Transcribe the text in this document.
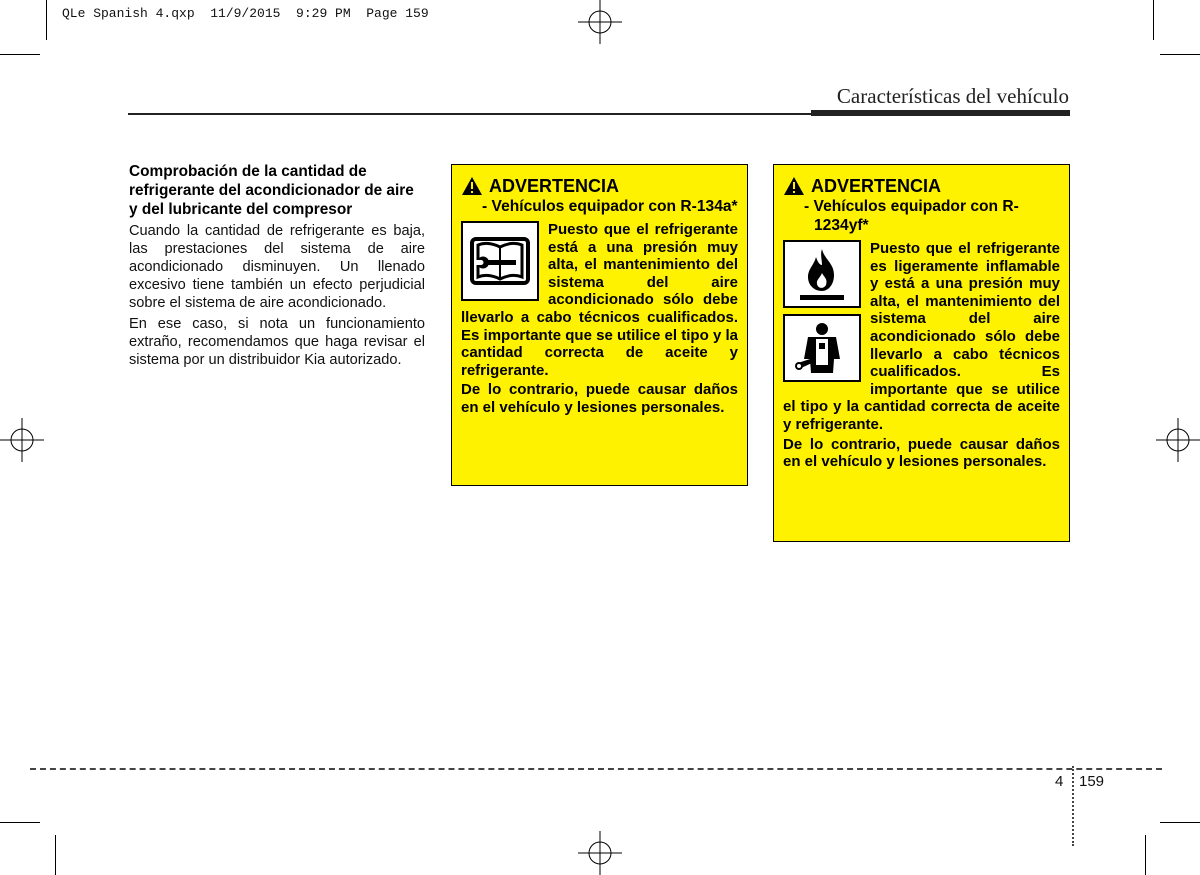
QLe Spanish 4.qxp  11/9/2015  9:29 PM  Page 159
Características del vehículo
Comprobación de la cantidad de refrigerante del acondicionador de aire y del lubricante del compresor

Cuando la cantidad de refrigerante es baja, las prestaciones del sistema de aire acondicionado disminuyen. Un llenado excesivo tiene también un efecto perjudicial sobre el sistema de aire acondicionado.

En ese caso, si nota un funcionamiento extraño, recomendamos que haga revisar el sistema por un distribuidor Kia autorizado.

ADVERTENCIA
- Vehículos equipador con R-134a*

Puesto que el refrigerante está a una presión muy alta, el mantenimiento del sistema del aire acondicionado sólo debe llevarlo a cabo técnicos cualificados. Es importante que se utilice el tipo y la cantidad correcta de aceite y refrigerante.

De lo contrario, puede causar daños en el vehículo y lesiones personales.

ADVERTENCIA
- Vehículos equipador con R-1234yf*

Puesto que el refrigerante es ligeramente inflamable y está a una presión muy alta, el mantenimiento del sistema del aire acondicionado sólo debe llevarlo a cabo técnicos cualificados. Es importante que se utilice el tipo y la cantidad correcta de aceite y refrigerante.

De lo contrario, puede causar daños en el vehículo y lesiones personales.

4 159
